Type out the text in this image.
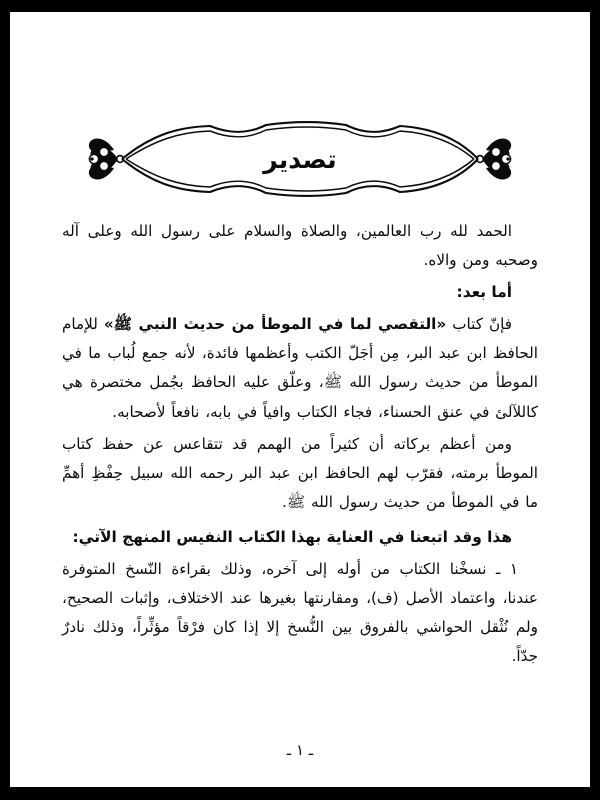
تصدير

الحمد لله رب العالمين، والصلاة والسلام على رسول الله وعلى آله وصحبه ومن والاه.

أما بعد:

فإنّ كتاب «التقصي لما في الموطأ من حديث النبي ﷺ» للإمام الحافظ ابن عبد البر، مِن أجَلّ الكتب وأعظمها فائدة، لأنه جمع لُباب ما في الموطأ من حديث رسول الله ﷺ، وعلّق عليه الحافظ بجُمل مختصرة هي كاللآلئ في عنق الحسناء، فجاء الكتاب وافياً في بابه، نافعاً لأصحابه.

ومن أعظم بركاته أن كثيراً من الهمم قد تتقاعس عن حفظ كتاب الموطأ برمته، فقرّب لهم الحافظ ابن عبد البر رحمه الله سبيل حِفْظِ أهمِّ ما في الموطأ من حديث رسول الله ﷺ.

هذا وقد اتبعنا في العناية بهذا الكتاب النفيس المنهج الآتي:

١ ـ نسخْنا الكتاب من أوله إلى آخره، وذلك بقراءة النّسخ المتوفرة عندنا، واعتماد الأصل (ف)، ومقارنتها بغيرها عند الاختلاف، وإثبات الصحيح، ولم نُثْقل الحواشي بالفروق بين النُّسخ إلا إذا كان فرْقاً مؤثِّراً، وذلك نادرٌ جدّاً.

ـ ١ ـ
